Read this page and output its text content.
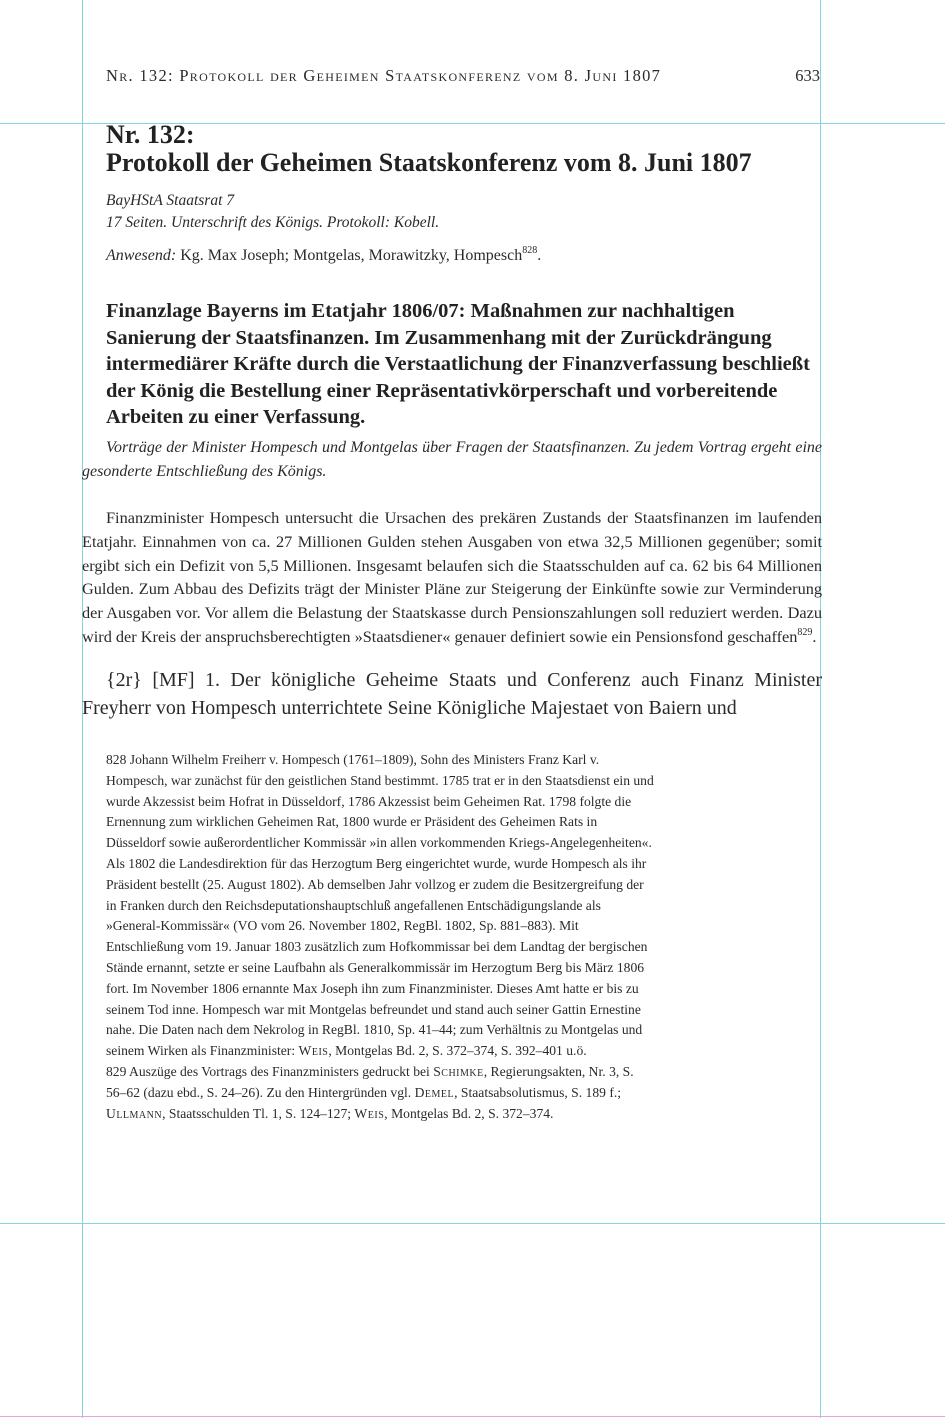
Nr. 132: Protokoll der Geheimen Staatskonferenz vom 8. Juni 1807	633
Nr. 132:
Protokoll der Geheimen Staatskonferenz vom 8. Juni 1807
BayHStA Staatsrat 7
17 Seiten. Unterschrift des Königs. Protokoll: Kobell.
Anwesend: Kg. Max Joseph; Montgelas, Morawitzky, Hompesch$^{828}$.
Finanzlage Bayerns im Etatjahr 1806/07: Maßnahmen zur nachhaltigen Sanierung der Staatsfinanzen. Im Zusammenhang mit der Zurückdrängung intermediärer Kräfte durch die Verstaatlichung der Finanzverfassung beschließt der König die Bestellung einer Repräsentativkörperschaft und vorbereitende Arbeiten zu einer Verfassung.

Vorträge der Minister Hompesch und Montgelas über Fragen der Staatsfinanzen. Zu jedem Vortrag ergeht eine gesonderte Entschließung des Königs.

Finanzminister Hompesch untersucht die Ursachen des prekären Zustands der Staatsfinanzen im laufenden Etatjahr. Einnahmen von ca. 27 Millionen Gulden stehen Ausgaben von etwa 32,5 Millionen gegenüber; somit ergibt sich ein Defizit von 5,5 Millionen. Insgesamt belaufen sich die Staatsschulden auf ca. 62 bis 64 Millionen Gulden. Zum Abbau des Defizits trägt der Minister Pläne zur Steigerung der Einkünfte sowie zur Verminderung der Ausgaben vor. Vor allem die Belastung der Staatskasse durch Pensionszahlungen soll reduziert werden. Dazu wird der Kreis der anspruchsberechtigten »Staatsdiener« genauer definiert sowie ein Pensionsfond geschaffen$^{829}$.

{2r} [MF] 1. Der königliche Geheime Staats und Conferenz auch Finanz Minister Freyherr von Hompesch unterrichtete Seine Königliche Majestaet von Baiern und

828 Johann Wilhelm Freiherr v. Hompesch (1761–1809), Sohn des Ministers Franz Karl v. Hompesch, war zunächst für den geistlichen Stand bestimmt. 1785 trat er in den Staatsdienst ein und wurde Akzessist beim Hofrat in Düsseldorf, 1786 Akzessist beim Geheimen Rat. 1798 folgte die Ernennung zum wirklichen Geheimen Rat, 1800 wurde er Präsident des Geheimen Rats in Düsseldorf sowie außerordentlicher Kommissär »in allen vorkommenden Kriegs-Angelegenheiten«. Als 1802 die Landesdirektion für das Herzogtum Berg eingerichtet wurde, wurde Hompesch als ihr Präsident bestellt (25. August 1802). Ab demselben Jahr vollzog er zudem die Besitzergreifung der in Franken durch den Reichsdeputationshauptschluß angefallenen Entschädigungslande als »General-Kommissär« (VO vom 26. November 1802, RegBl. 1802, Sp. 881–883). Mit Entschließung vom 19. Januar 1803 zusätzlich zum Hofkommissar bei dem Landtag der bergischen Stände ernannt, setzte er seine Laufbahn als Generalkommissär im Herzogtum Berg bis März 1806 fort. Im November 1806 ernannte Max Joseph ihn zum Finanzminister. Dieses Amt hatte er bis zu seinem Tod inne. Hompesch war mit Montgelas befreundet und stand auch seiner Gattin Ernestine nahe. Die Daten nach dem Nekrolog in RegBl. 1810, Sp. 41–44; zum Verhältnis zu Montgelas und seinem Wirken als Finanzminister: Weis, Montgelas Bd. 2, S. 372–374, S. 392–401 u.ö.

829 Auszüge des Vortrags des Finanzministers gedruckt bei Schimke, Regierungsakten, Nr. 3, S. 56–62 (dazu ebd., S. 24–26). Zu den Hintergründen vgl. Demel, Staatsabsolutismus, S. 189 f.; Ullmann, Staatsschulden Tl. 1, S. 124–127; Weis, Montgelas Bd. 2, S. 372–374.
